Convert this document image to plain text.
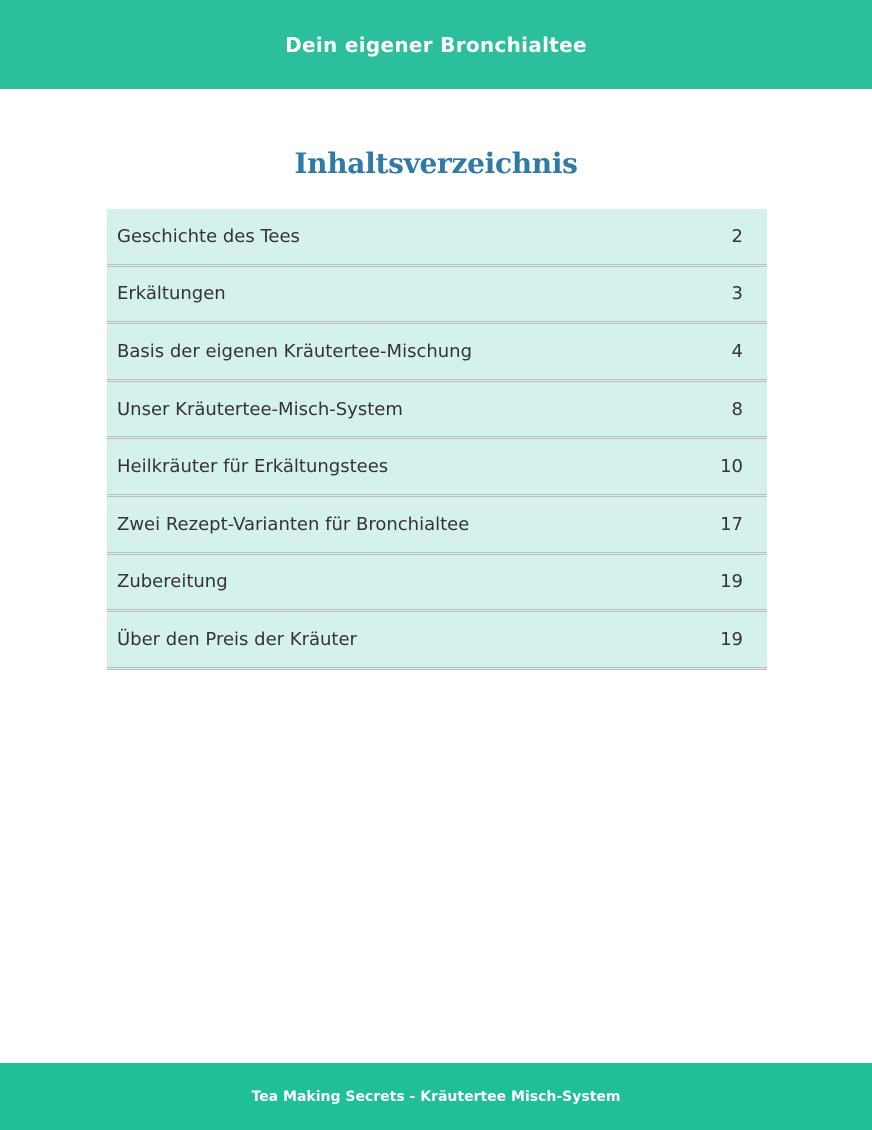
Dein eigener Bronchialtee
Inhaltsverzeichnis
Geschichte des Tees	2
Erkältungen	3
Basis der eigenen Kräutertee-Mischung	4
Unser Kräutertee-Misch-System	8
Heilkräuter für Erkältungstees	10
Zwei Rezept-Varianten für Bronchialtee	17
Zubereitung	19
Über den Preis der Kräuter	19
Tea Making Secrets - Kräutertee Misch-System
